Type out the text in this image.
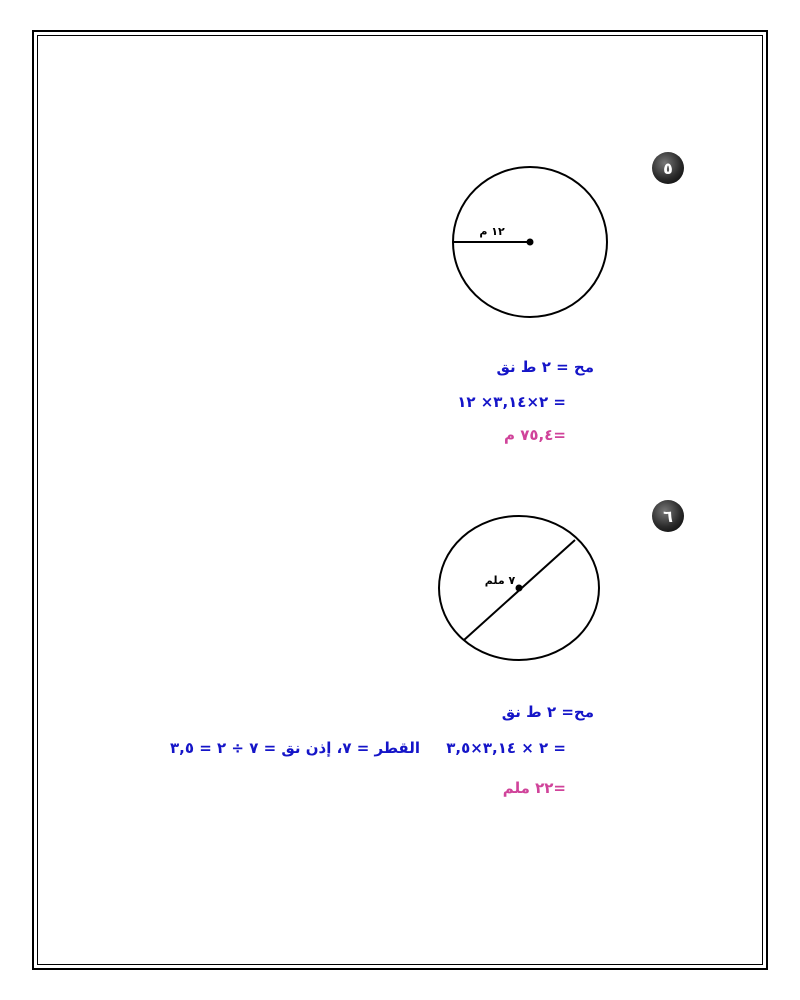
٥
١٢ م
مح = ٢ ط نق
= ٢×٣,١٤× ١٢
=٧٥,٤ م
٦
٧ ملم
مح= ٢ ط نق
= ٢ × ٣,١٤×٣,٥
القطر = ٧، إذن نق = ٧ ÷ ٢ = ٣,٥
=٢٢ ملم
